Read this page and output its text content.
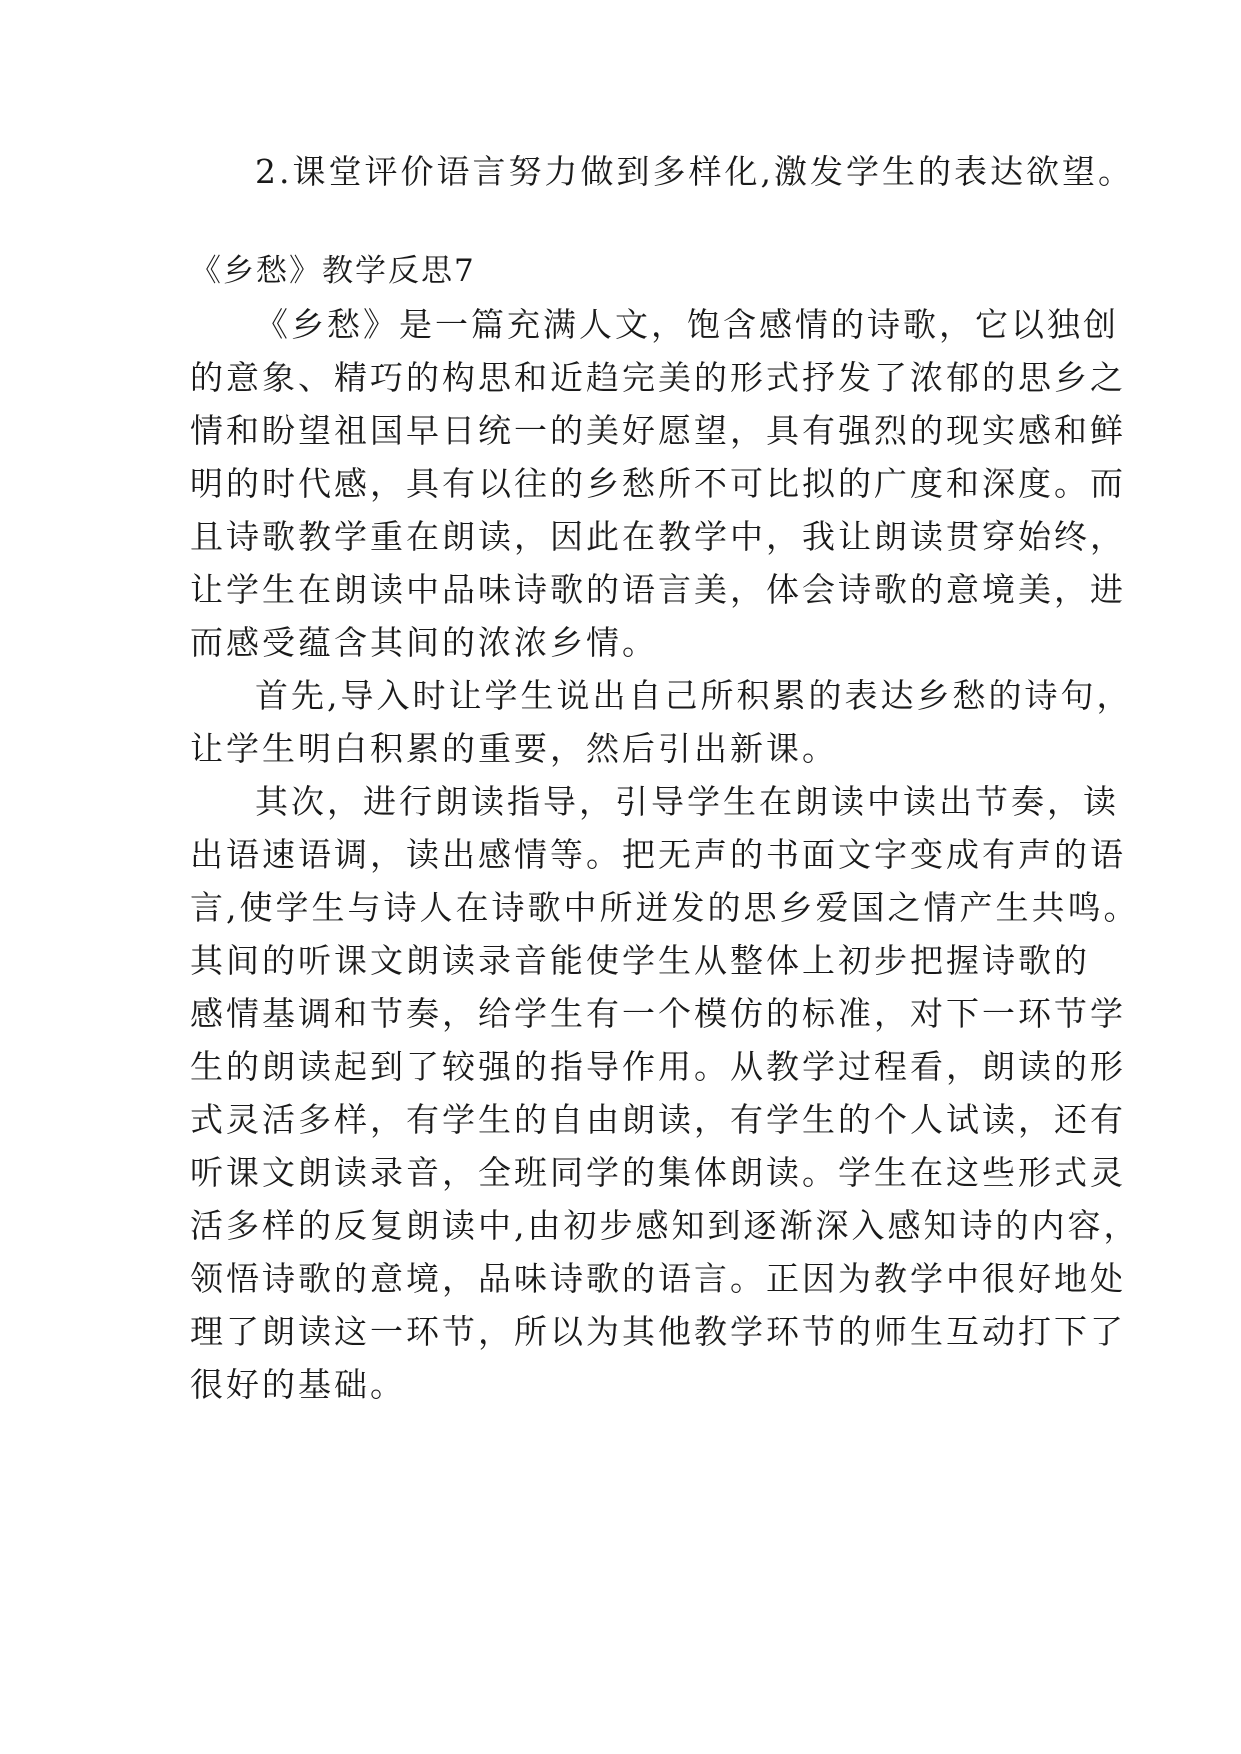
2.课堂评价语言努力做到多样化,激发学生的表达欲望。
《乡愁》教学反思7
《乡愁》是一篇充满人文，饱含感情的诗歌，它以独创
的意象、精巧的构思和近趋完美的形式抒发了浓郁的思乡之
情和盼望祖国早日统一的美好愿望，具有强烈的现实感和鲜
明的时代感，具有以往的乡愁所不可比拟的广度和深度。而
且诗歌教学重在朗读，因此在教学中，我让朗读贯穿始终，
让学生在朗读中品味诗歌的语言美，体会诗歌的意境美，进
而感受蕴含其间的浓浓乡情。
首先,导入时让学生说出自己所积累的表达乡愁的诗句，
让学生明白积累的重要，然后引出新课。
其次，进行朗读指导，引导学生在朗读中读出节奏，读
出语速语调，读出感情等。把无声的书面文字变成有声的语
言,使学生与诗人在诗歌中所迸发的思乡爱国之情产生共鸣。
其间的听课文朗读录音能使学生从整体上初步把握诗歌的
感情基调和节奏，给学生有一个模仿的标准，对下一环节学
生的朗读起到了较强的指导作用。从教学过程看，朗读的形
式灵活多样，有学生的自由朗读，有学生的个人试读，还有
听课文朗读录音，全班同学的集体朗读。学生在这些形式灵
活多样的反复朗读中,由初步感知到逐渐深入感知诗的内容，
领悟诗歌的意境，品味诗歌的语言。正因为教学中很好地处
理了朗读这一环节，所以为其他教学环节的师生互动打下了
很好的基础。
